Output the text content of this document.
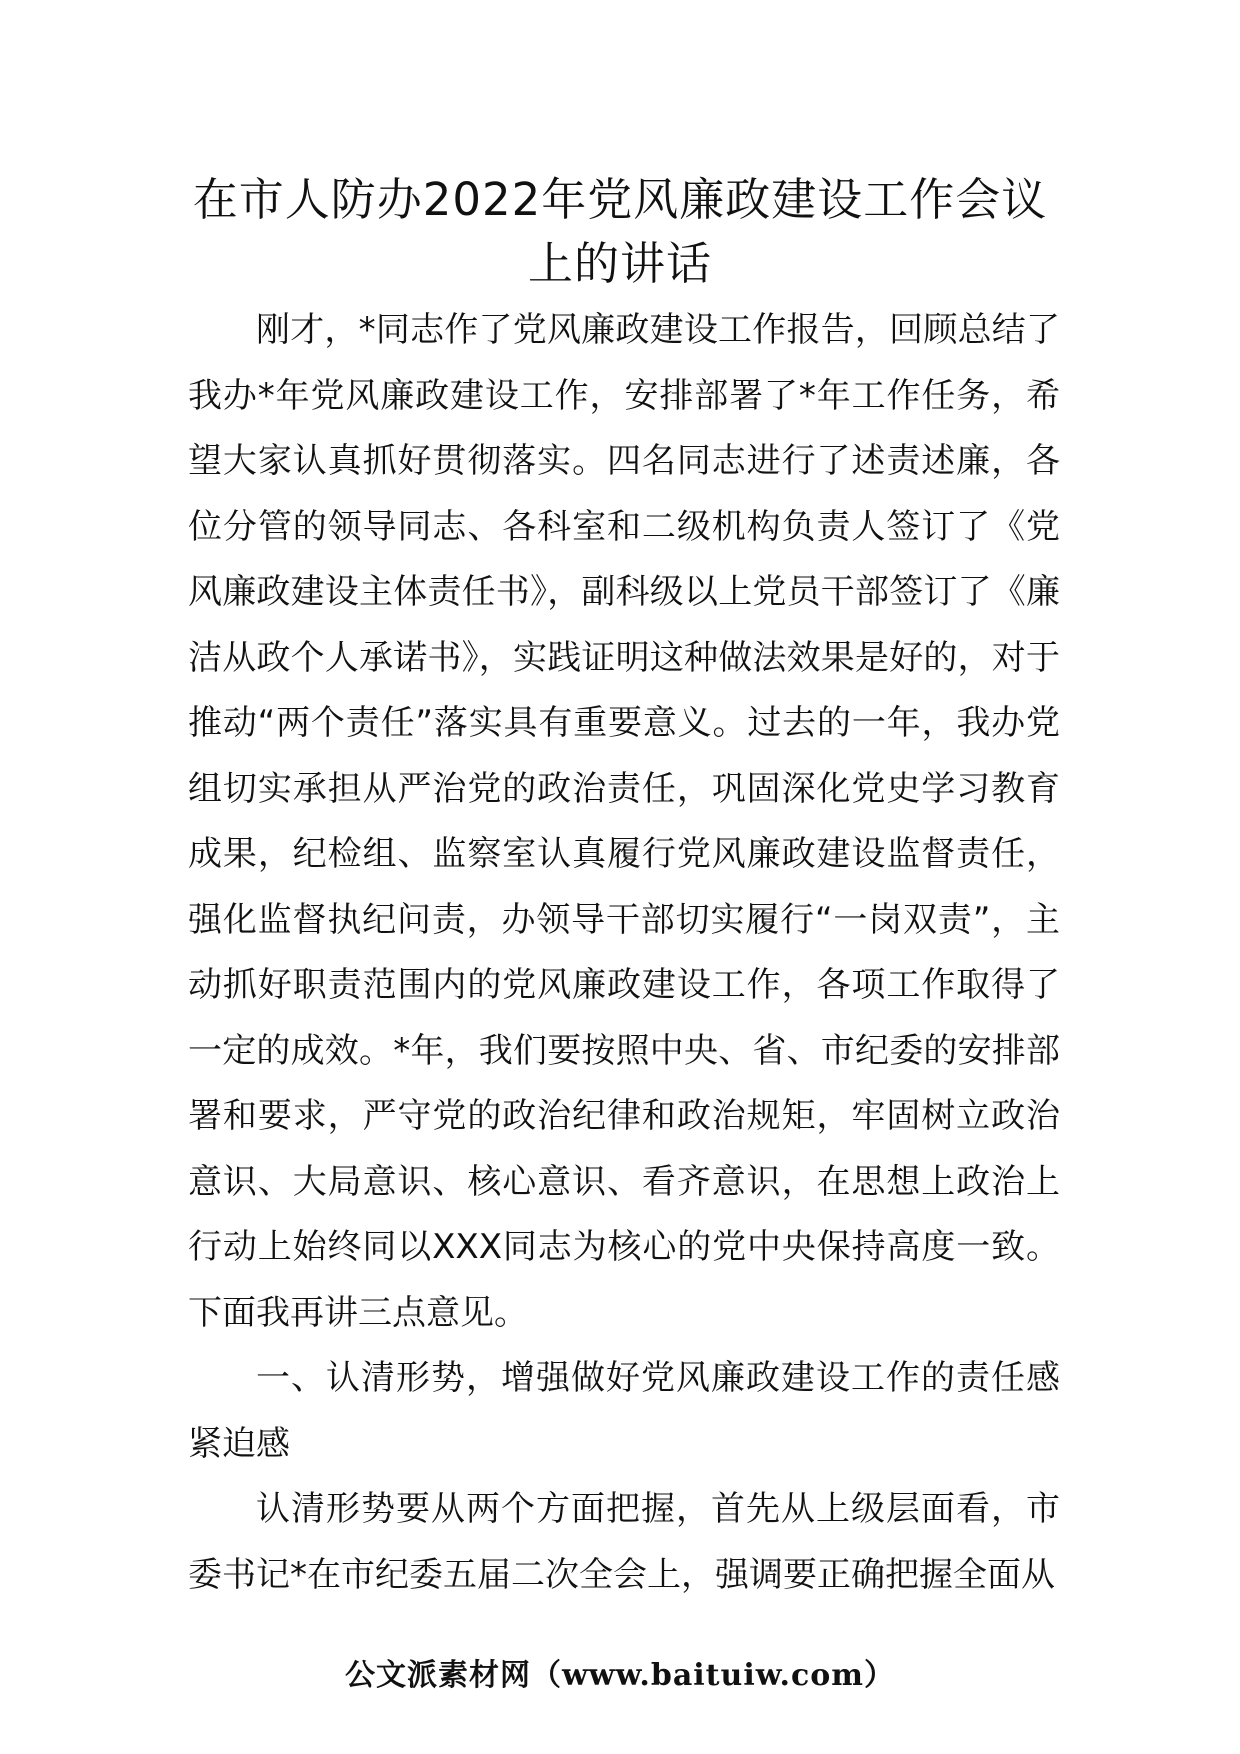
在市人防办2022年党风廉政建设工作会议
上的讲话

刚才，*同志作了党风廉政建设工作报告，回顾总结了我办*年党风廉政建设工作，安排部署了*年工作任务，希望大家认真抓好贯彻落实。四名同志进行了述责述廉，各位分管的领导同志、各科室和二级机构负责人签订了《党风廉政建设主体责任书》，副科级以上党员干部签订了《廉洁从政个人承诺书》，实践证明这种做法效果是好的，对于推动“两个责任”落实具有重要意义。过去的一年，我办党组切实承担从严治党的政治责任，巩固深化党史学习教育成果，纪检组、监察室认真履行党风廉政建设监督责任，强化监督执纪问责，办领导干部切实履行“一岗双责”，主动抓好职责范围内的党风廉政建设工作，各项工作取得了一定的成效。*年，我们要按照中央、省、市纪委的安排部署和要求，严守党的政治纪律和政治规矩，牢固树立政治意识、大局意识、核心意识、看齐意识，在思想上政治上行动上始终同以XXX同志为核心的党中央保持高度一致。下面我再讲三点意见。

一、认清形势，增强做好党风廉政建设工作的责任感紧迫感

认清形势要从两个方面把握，首先从上级层面看，市委书记*在市纪委五届二次全会上，强调要正确把握全面从

公文派素材网（www.baituiw.com）
